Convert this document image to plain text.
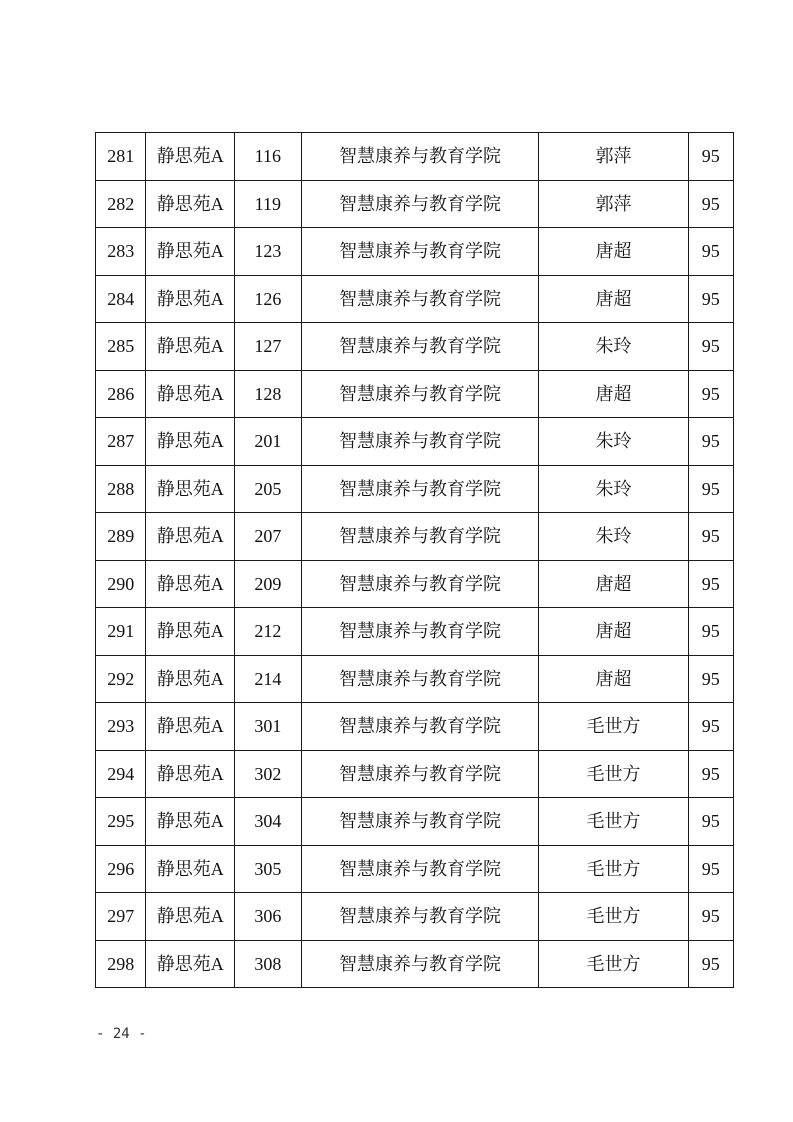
281	静思苑A	116	智慧康养与教育学院	郭萍	95
282	静思苑A	119	智慧康养与教育学院	郭萍	95
283	静思苑A	123	智慧康养与教育学院	唐超	95
284	静思苑A	126	智慧康养与教育学院	唐超	95
285	静思苑A	127	智慧康养与教育学院	朱玲	95
286	静思苑A	128	智慧康养与教育学院	唐超	95
287	静思苑A	201	智慧康养与教育学院	朱玲	95
288	静思苑A	205	智慧康养与教育学院	朱玲	95
289	静思苑A	207	智慧康养与教育学院	朱玲	95
290	静思苑A	209	智慧康养与教育学院	唐超	95
291	静思苑A	212	智慧康养与教育学院	唐超	95
292	静思苑A	214	智慧康养与教育学院	唐超	95
293	静思苑A	301	智慧康养与教育学院	毛世方	95
294	静思苑A	302	智慧康养与教育学院	毛世方	95
295	静思苑A	304	智慧康养与教育学院	毛世方	95
296	静思苑A	305	智慧康养与教育学院	毛世方	95
297	静思苑A	306	智慧康养与教育学院	毛世方	95
298	静思苑A	308	智慧康养与教育学院	毛世方	95
- 24 -
